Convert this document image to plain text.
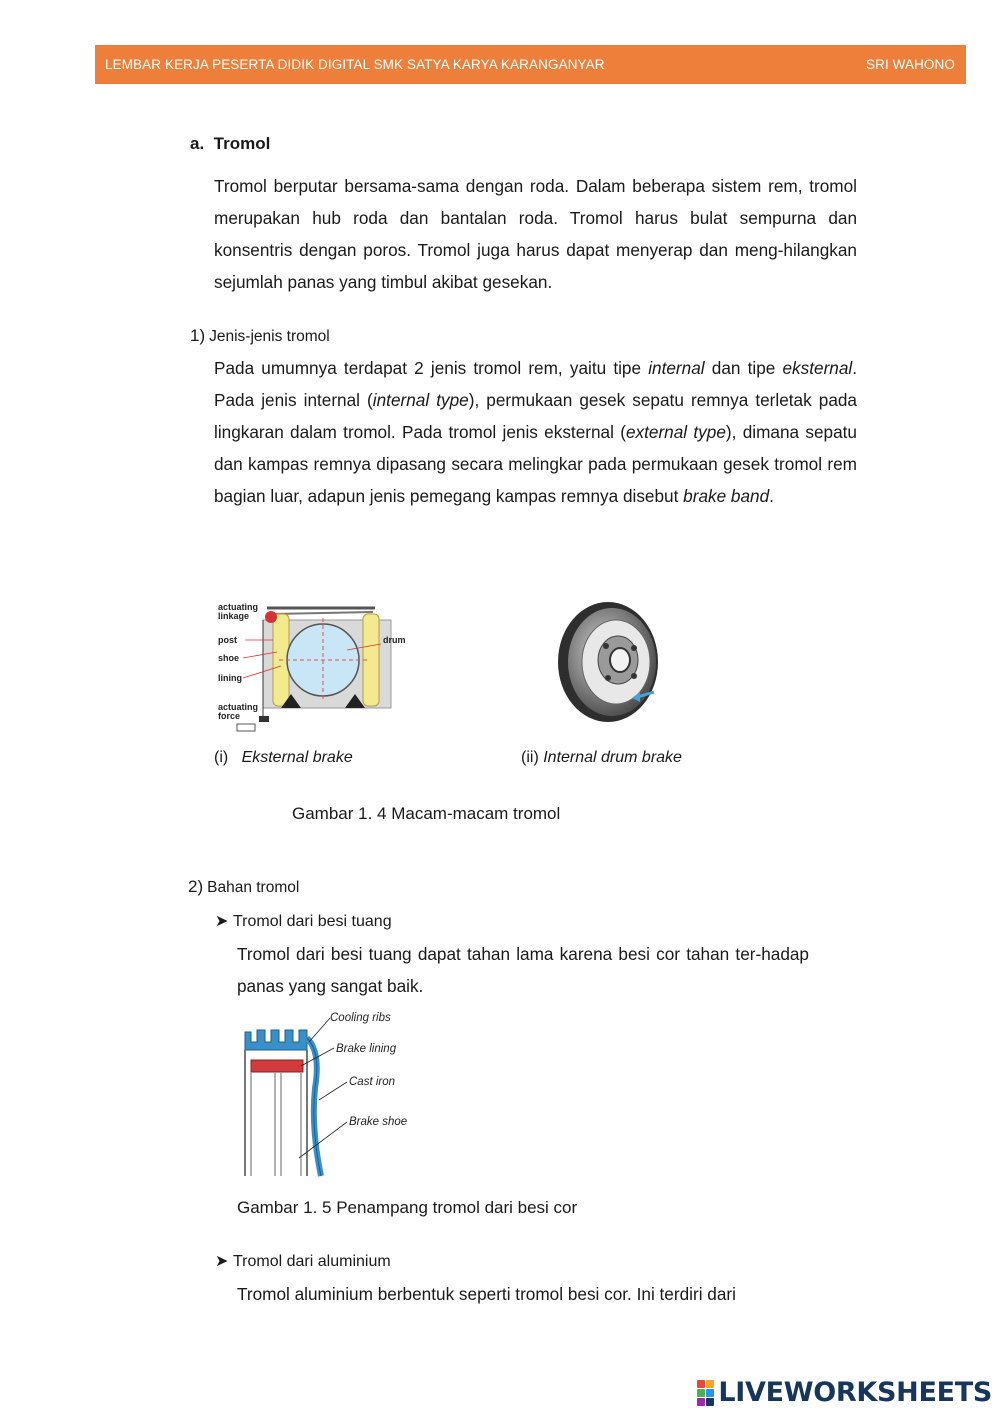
LEMBAR KERJA PESERTA DIDIK DIGITAL SMK SATYA KARYA KARANGANYAR	SRI WAHONO
a. Tromol
Tromol berputar bersama-sama dengan roda. Dalam beberapa sistem rem, tromol merupakan hub roda dan bantalan roda. Tromol harus bulat sempurna dan konsentris dengan poros. Tromol juga harus dapat menyerap dan meng-hilangkan sejumlah panas yang timbul akibat gesekan.
1) Jenis-jenis tromol
Pada umumnya terdapat 2 jenis tromol rem, yaitu tipe internal dan tipe eksternal. Pada jenis internal (internal type), permukaan gesek sepatu remnya terletak pada lingkaran dalam tromol. Pada tromol jenis eksternal (external type), dimana sepatu dan kampas remnya dipasang secara melingkar pada permukaan gesek tromol rem bagian luar, adapun jenis pemegang kampas remnya disebut brake band.
actuating
linkage
post
shoe
lining
actuating
force
drum
(i) Eksternal brake	(ii) Internal drum brake
Gambar 1. 4 Macam-macam tromol
2) Bahan tromol
➤ Tromol dari besi tuang
Tromol dari besi tuang dapat tahan lama karena besi cor tahan ter-hadap panas yang sangat baik.
Cooling ribs
Brake lining
Cast iron
Brake shoe
Gambar 1. 5 Penampang tromol dari besi cor
➤ Tromol dari aluminium
Tromol aluminium berbentuk seperti tromol besi cor. Ini terdiri dari
LIVEWORKSHEETS
